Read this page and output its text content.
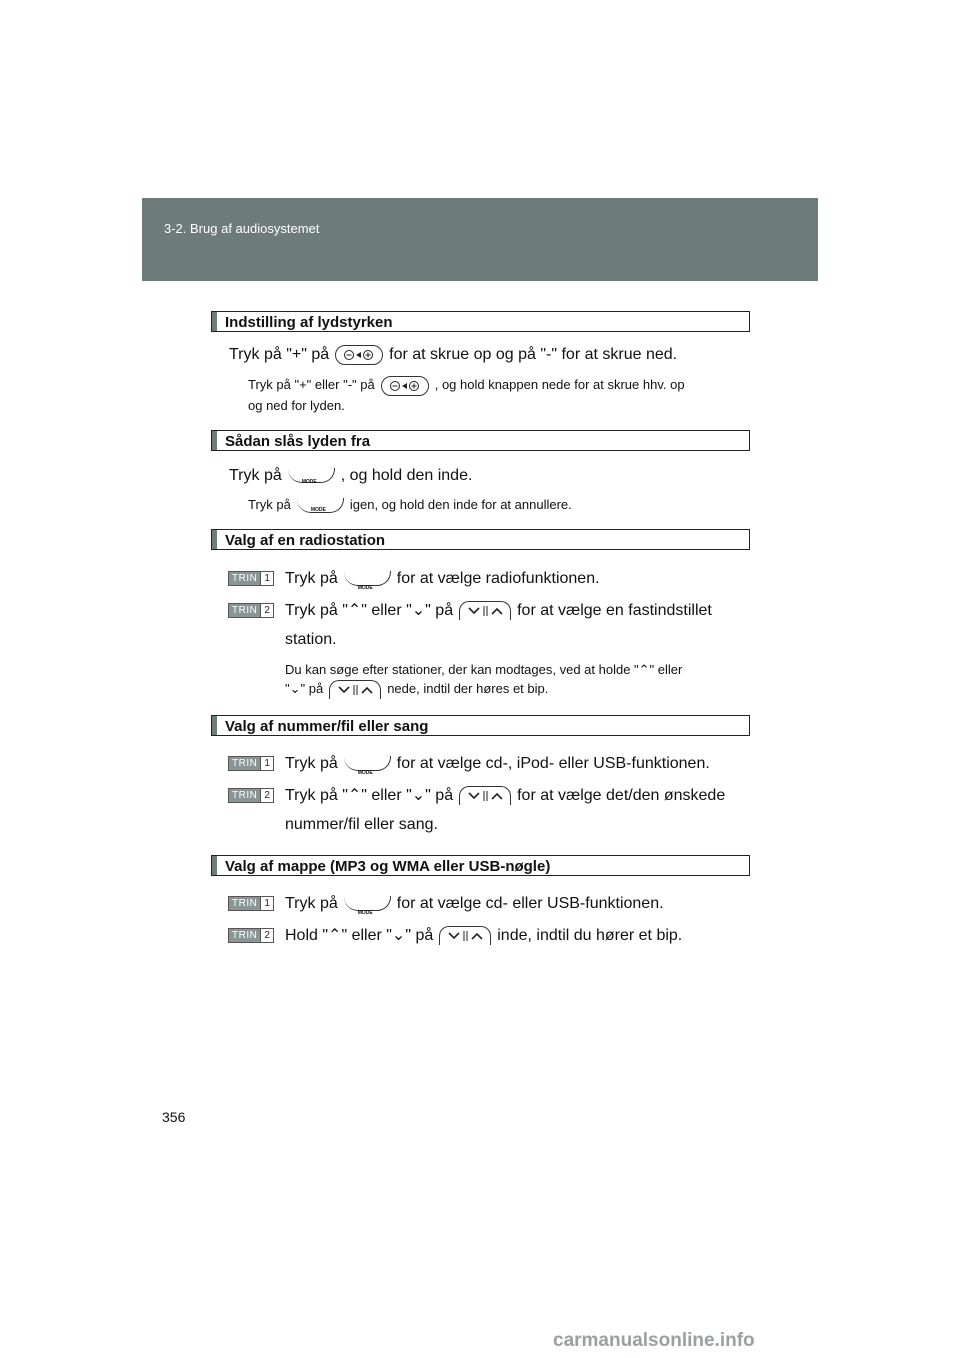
3-2. Brug af audiosystemet
Indstilling af lydstyrken
Tryk på "+" på	for at skrue op og på "-" for at skrue ned.
Tryk på "+" eller "-" på	, og hold knappen nede for at skrue hhv. op
og ned for lyden.
Sådan slås lyden fra
Tryk på	MODE , og hold den inde.
Tryk på	MODE igen, og hold den inde for at annullere.
Valg af en radiostation
TRIN 1 Tryk på
MODE
for at vælge radiofunktionen.
TRIN 2 Tryk på "⌃" eller "⌄" på	for at vælge en fastindstillet
station.
Du kan søge efter stationer, der kan modtages, ved at holde "⌃" eller
"⌄" på	nede, indtil der høres et bip.
Valg af nummer/fil eller sang
TRIN 1 Tryk på
MODE
for at vælge cd-, iPod- eller USB-funktionen.
TRIN 2 Tryk på "⌃" eller "⌄" på	for at vælge det/den ønskede
nummer/fil eller sang.
Valg af mappe (MP3 og WMA eller USB-nøgle)
TRIN 1 Tryk på
MODE
for at vælge cd- eller USB-funktionen.
TRIN 2 Hold "⌃" eller "⌄" på	inde, indtil du hører et bip.
356
carmanualsonline.info
